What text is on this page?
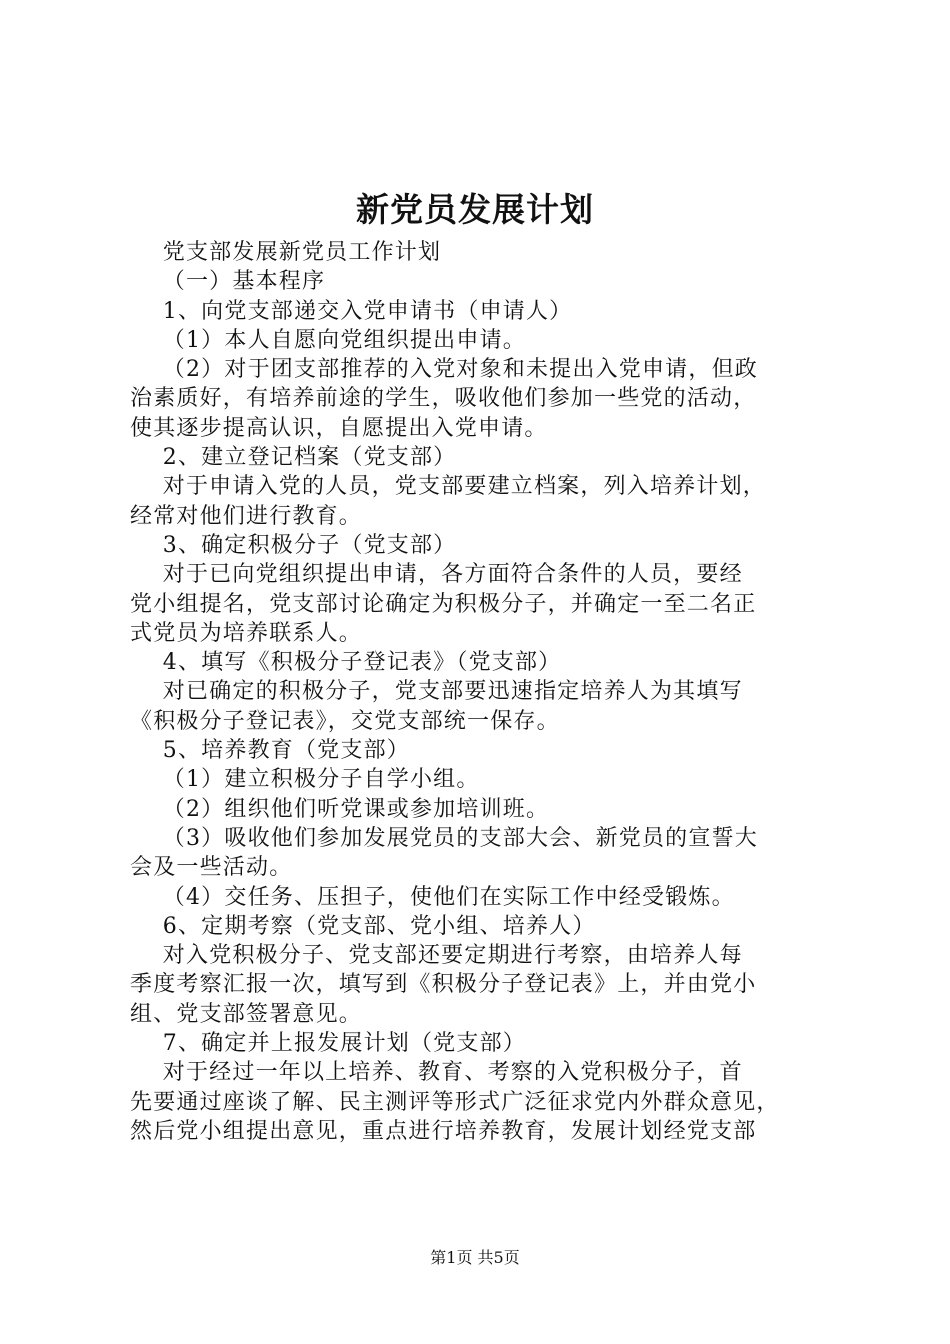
新党员发展计划

党支部发展新党员工作计划

（一）基本程序

1、向党支部递交入党申请书（申请人）

（1）本人自愿向党组织提出申请。

（2）对于团支部推荐的入党对象和未提出入党申请，但政

治素质好，有培养前途的学生，吸收他们参加一些党的活动，

使其逐步提高认识，自愿提出入党申请。

2、建立登记档案（党支部）

对于申请入党的人员，党支部要建立档案，列入培养计划，

经常对他们进行教育。

3、确定积极分子（党支部）

对于已向党组织提出申请，各方面符合条件的人员，要经

党小组提名，党支部讨论确定为积极分子，并确定一至二名正

式党员为培养联系人。

4、填写《积极分子登记表》（党支部）

对已确定的积极分子，党支部要迅速指定培养人为其填写

《积极分子登记表》，交党支部统一保存。

5、培养教育（党支部）

（1）建立积极分子自学小组。

（2）组织他们听党课或参加培训班。

（3）吸收他们参加发展党员的支部大会、新党员的宣誓大

会及一些活动。

（4）交任务、压担子，使他们在实际工作中经受锻炼。

6、定期考察（党支部、党小组、培养人）

对入党积极分子、党支部还要定期进行考察，由培养人每

季度考察汇报一次，填写到《积极分子登记表》上，并由党小

组、党支部签署意见。

7、确定并上报发展计划（党支部）

对于经过一年以上培养、教育、考察的入党积极分子，首

先要通过座谈了解、民主测评等形式广泛征求党内外群众意见，

然后党小组提出意见，重点进行培养教育，发展计划经党支部

第1页 共5页
